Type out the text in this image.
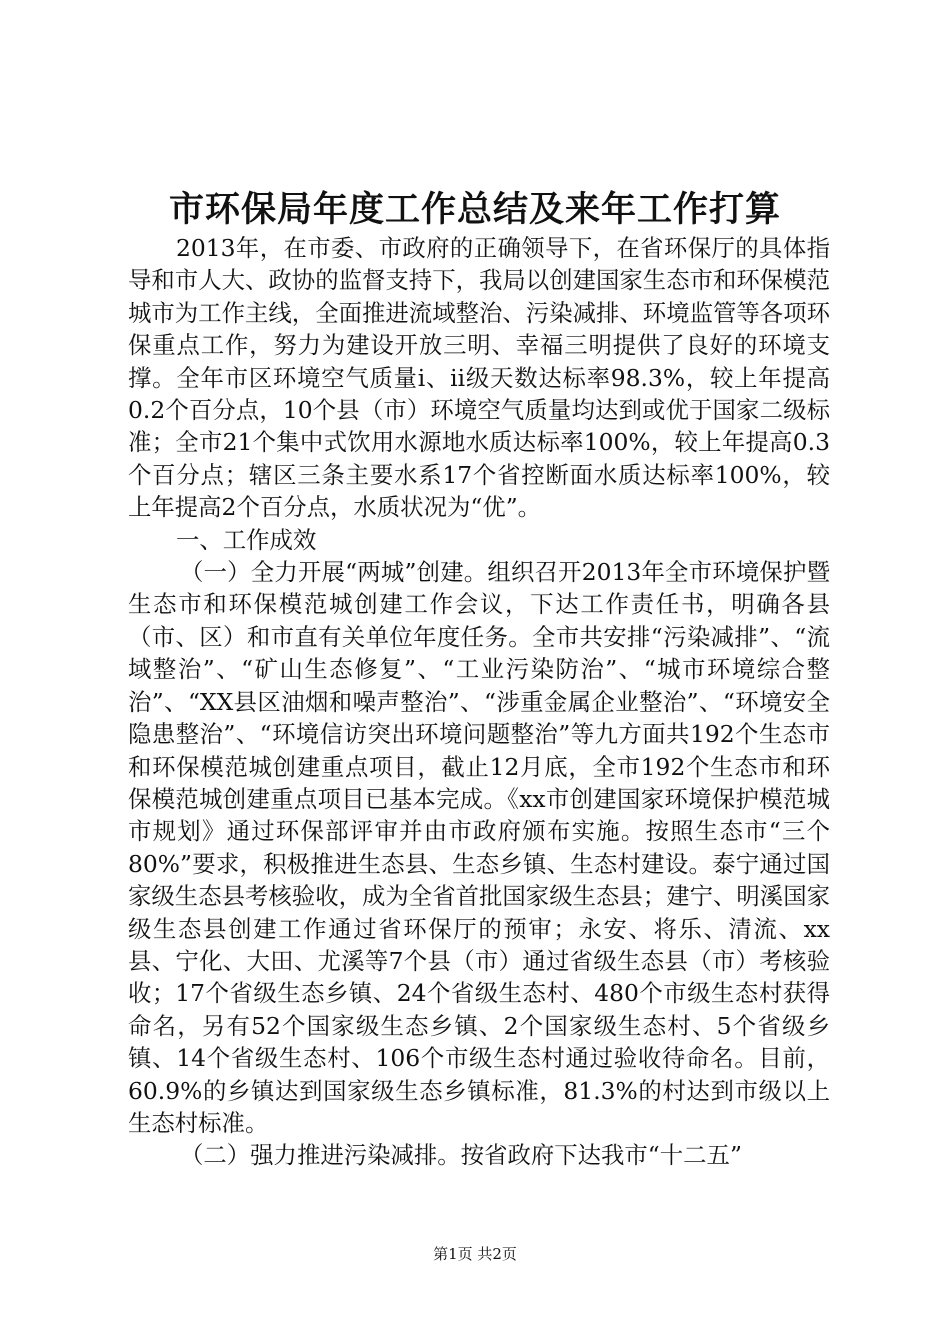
市环保局年度工作总结及来年工作打算

2013年，在市委、市政府的正确领导下，在省环保厅的具体指导和市人大、政协的监督支持下，我局以创建国家生态市和环保模范城市为工作主线，全面推进流域整治、污染减排、环境监管等各项环保重点工作，努力为建设开放三明、幸福三明提供了良好的环境支撑。全年市区环境空气质量ⅰ、ⅱ级天数达标率98.3%，较上年提高0.2个百分点，10个县（市）环境空气质量均达到或优于国家二级标准；全市21个集中式饮用水源地水质达标率100%，较上年提高0.3个百分点；辖区三条主要水系17个省控断面水质达标率100%，较上年提高2个百分点，水质状况为“优”。

一、工作成效

（一）全力开展“两城”创建。组织召开2013年全市环境保护暨生态市和环保模范城创建工作会议，下达工作责任书，明确各县（市、区）和市直有关单位年度任务。全市共安排“污染减排”、“流域整治”、“矿山生态修复”、“工业污染防治”、“城市环境综合整治”、“XX县区油烟和噪声整治”、“涉重金属企业整治”、“环境安全隐患整治”、“环境信访突出环境问题整治”等九方面共192个生态市和环保模范城创建重点项目，截止12月底，全市192个生态市和环保模范城创建重点项目已基本完成。《xx市创建国家环境保护模范城市规划》通过环保部评审并由市政府颁布实施。按照生态市“三个80%”要求，积极推进生态县、生态乡镇、生态村建设。泰宁通过国家级生态县考核验收，成为全省首批国家级生态县；建宁、明溪国家级生态县创建工作通过省环保厅的预审；永安、将乐、清流、xx县、宁化、大田、尤溪等7个县（市）通过省级生态县（市）考核验收；17个省级生态乡镇、24个省级生态村、480个市级生态村获得命名，另有52个国家级生态乡镇、2个国家级生态村、5个省级乡镇、14个省级生态村、106个市级生态村通过验收待命名。目前，60.9%的乡镇达到国家级生态乡镇标准，81.3%的村达到市级以上生态村标准。

（二）强力推进污染减排。按省政府下达我市“十二五”

第1页 共2页
